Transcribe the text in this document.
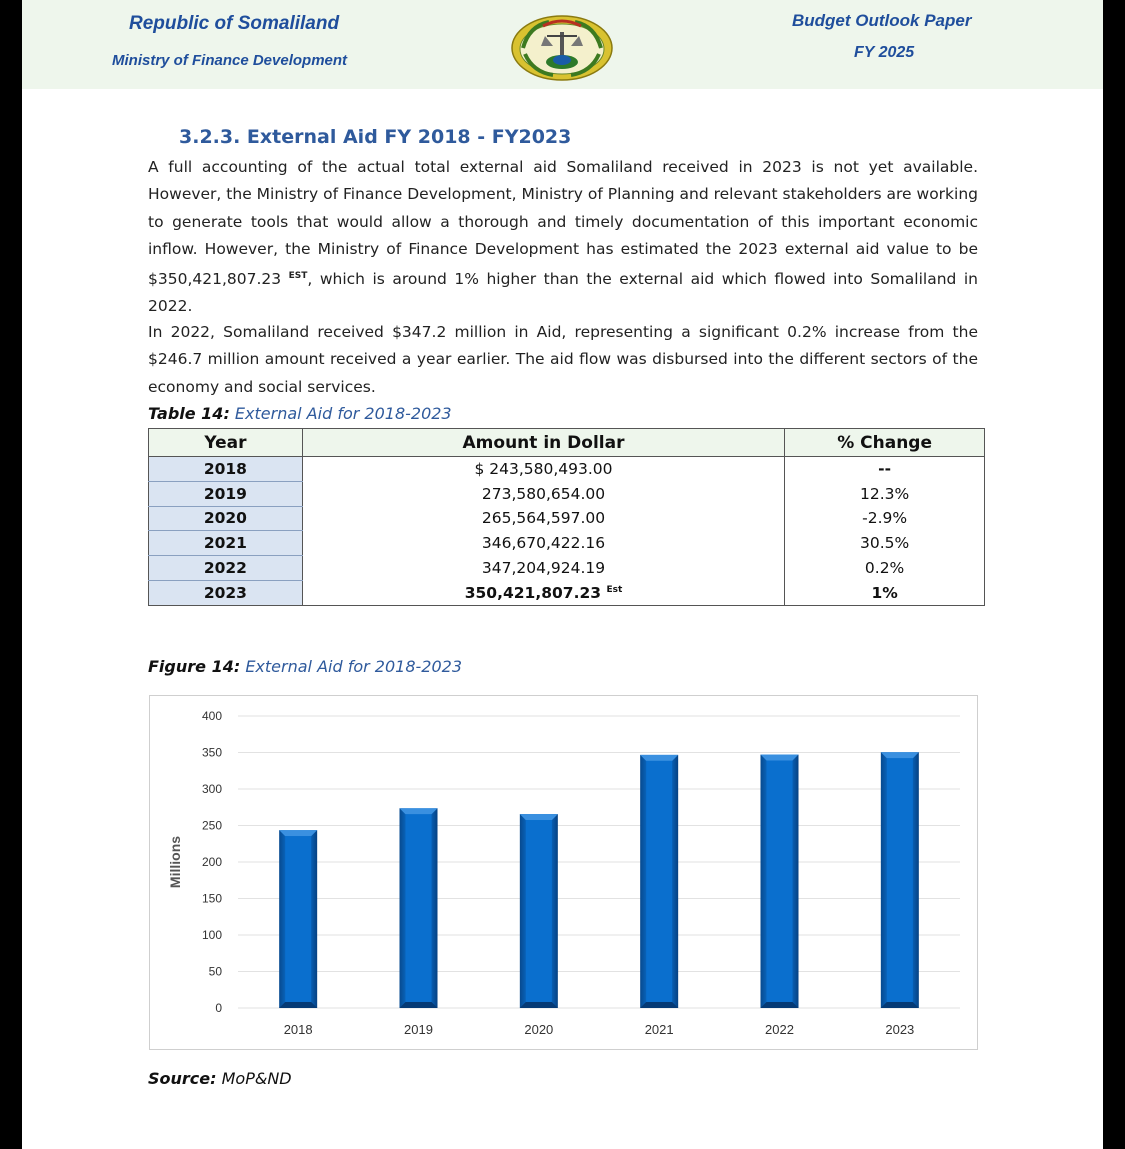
Republic of Somaliland
Ministry of Finance Development
Budget Outlook Paper
FY 2025
3.2.3. External Aid FY 2018 - FY2023
A full accounting of the actual total external aid Somaliland received in 2023 is not yet available. However, the Ministry of Finance Development, Ministry of Planning and relevant stakeholders are working to generate tools that would allow a thorough and timely documentation of this important economic inflow. However, the Ministry of Finance Development has estimated the 2023 external aid value to be $350,421,807.23 $^{EST}$, which is around 1% higher than the external aid which flowed into Somaliland in 2022.
In 2022, Somaliland received $347.2 million in Aid, representing a significant 0.2% increase from the $246.7 million amount received a year earlier. The aid flow was disbursed into the different sectors of the economy and social services.
Table 14: External Aid for 2018-2023
Year	Amount in Dollar	% Change
2018	$ 243,580,493.00	--
2019	273,580,654.00	12.3%
2020	265,564,597.00	-2.9%
2021	346,670,422.16	30.5%
2022	347,204,924.19	0.2%
2023	350,421,807.23 $^{Est}$	1%
Figure 14: External Aid for 2018-2023
0
50
100
150
200
250
300
350
400
Millions
2018	2019	2020	2021	2022	2023
Source: MoP&ND
